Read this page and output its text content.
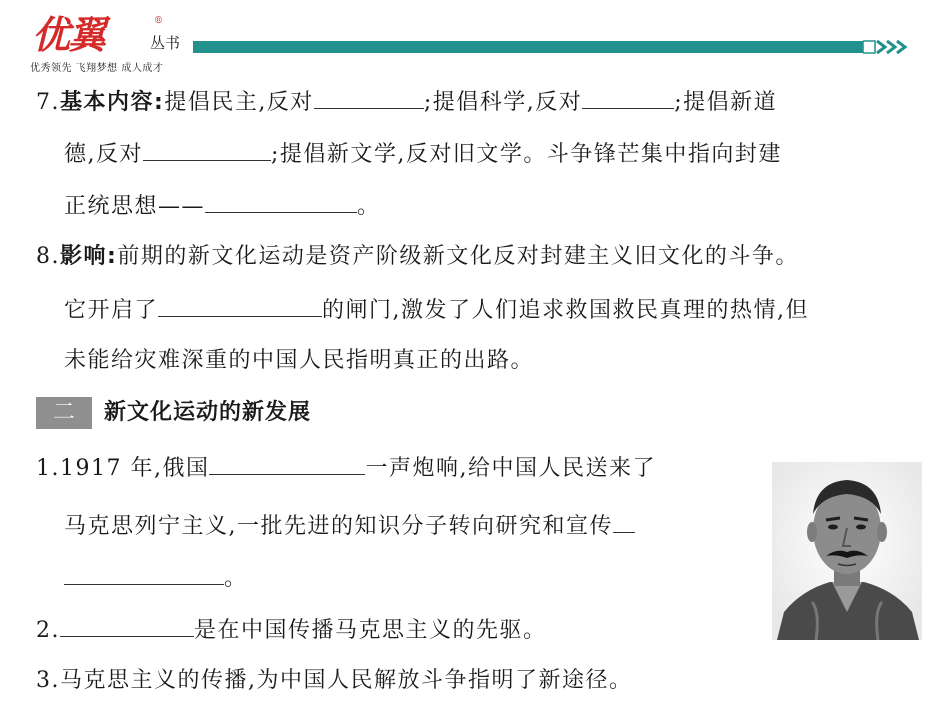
优翼	®
丛书
优秀领先 飞翔梦想 成人成才
7.基本内容:提倡民主,反对	;提倡科学,反对	;提倡新道
德,反对	;提倡新文学,反对旧文学。斗争锋芒集中指向封建
正统思想——	。
8.影响:前期的新文化运动是资产阶级新文化反对封建主义旧文化的斗争。
它开启了	的闸门,激发了人们追求救国救民真理的热情,但
未能给灾难深重的中国人民指明真正的出路。
二	新文化运动的新发展
1.1917 年,俄国	一声炮响,给中国人民送来了
马克思列宁主义,一批先进的知识分子转向研究和宣传
。
2.	是在中国传播马克思主义的先驱。
3.马克思主义的传播,为中国人民解放斗争指明了新途径。
